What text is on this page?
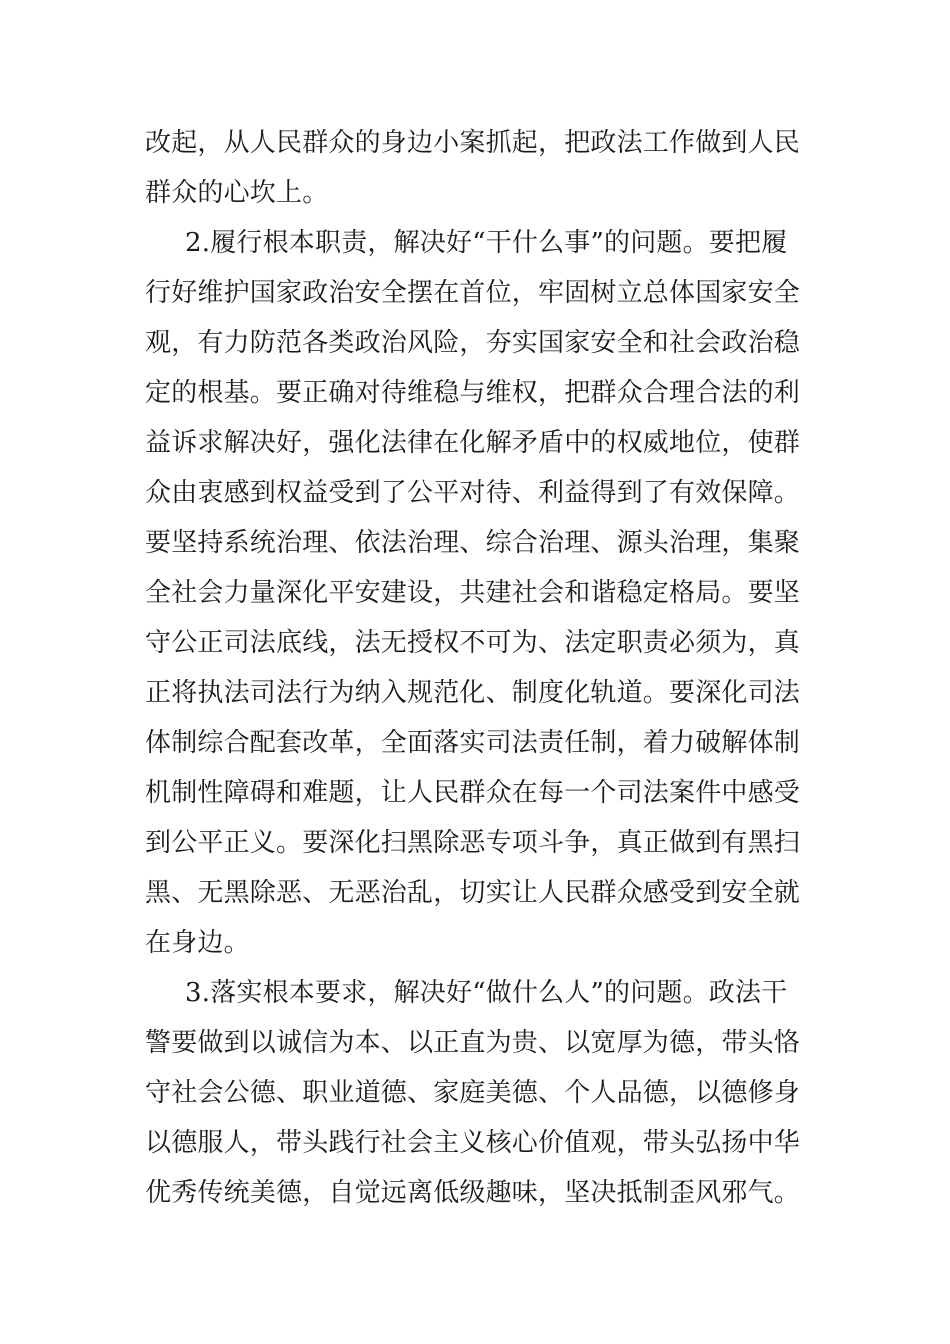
改起，从人民群众的身边小案抓起，把政法工作做到人民
群众的心坎上。
2.履行根本职责，解决好“干什么事”的问题。要把履
行好维护国家政治安全摆在首位，牢固树立总体国家安全
观，有力防范各类政治风险，夯实国家安全和社会政治稳
定的根基。要正确对待维稳与维权，把群众合理合法的利
益诉求解决好，强化法律在化解矛盾中的权威地位，使群
众由衷感到权益受到了公平对待、利益得到了有效保障。
要坚持系统治理、依法治理、综合治理、源头治理，集聚
全社会力量深化平安建设，共建社会和谐稳定格局。要坚
守公正司法底线，法无授权不可为、法定职责必须为，真
正将执法司法行为纳入规范化、制度化轨道。要深化司法
体制综合配套改革，全面落实司法责任制，着力破解体制
机制性障碍和难题，让人民群众在每一个司法案件中感受
到公平正义。要深化扫黑除恶专项斗争，真正做到有黑扫
黑、无黑除恶、无恶治乱，切实让人民群众感受到安全就
在身边。
3.落实根本要求，解决好“做什么人”的问题。政法干
警要做到以诚信为本、以正直为贵、以宽厚为德，带头恪
守社会公德、职业道德、家庭美德、个人品德，以德修身
以德服人，带头践行社会主义核心价值观，带头弘扬中华
优秀传统美德，自觉远离低级趣味，坚决抵制歪风邪气。
